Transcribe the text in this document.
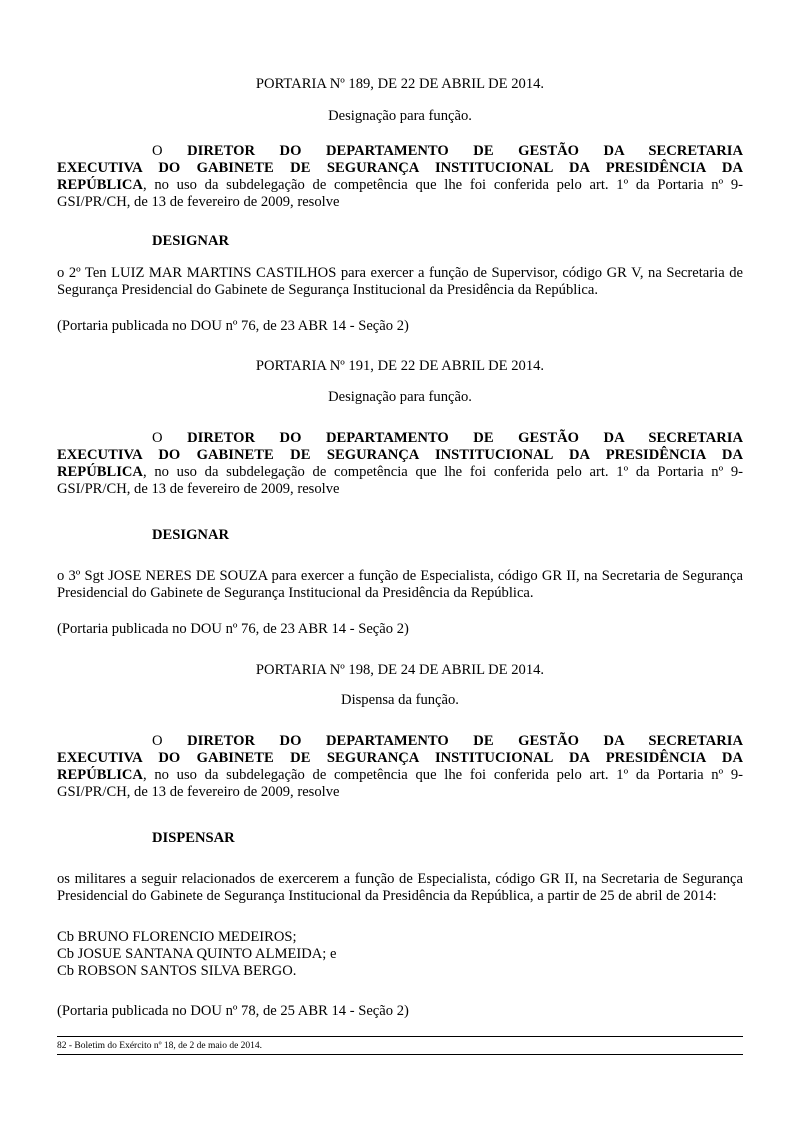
PORTARIA Nº 189, DE 22 DE ABRIL DE 2014.
Designação para função.
O DIRETOR DO DEPARTAMENTO DE GESTÃO DA SECRETARIA
EXECUTIVA DO GABINETE DE SEGURANÇA INSTITUCIONAL DA PRESIDÊNCIA DA
REPÚBLICA, no uso da subdelegação de competência que lhe foi conferida pelo art. 1º da Portaria nº 9-GSI/PR/CH, de 13 de fevereiro de 2009, resolve
DESIGNAR
o 2º Ten LUIZ MAR MARTINS CASTILHOS para exercer a função de Supervisor, código GR V, na Secretaria de Segurança Presidencial do Gabinete de Segurança Institucional da Presidência da República.
(Portaria publicada no DOU nº 76, de 23 ABR 14 - Seção 2)
PORTARIA Nº 191, DE 22 DE ABRIL DE 2014.
Designação para função.
O DIRETOR DO DEPARTAMENTO DE GESTÃO DA SECRETARIA
EXECUTIVA DO GABINETE DE SEGURANÇA INSTITUCIONAL DA PRESIDÊNCIA DA
REPÚBLICA, no uso da subdelegação de competência que lhe foi conferida pelo art. 1º da Portaria nº 9-GSI/PR/CH, de 13 de fevereiro de 2009, resolve
DESIGNAR
o 3º Sgt JOSE NERES DE SOUZA para exercer a função de Especialista, código GR II, na Secretaria de Segurança Presidencial do Gabinete de Segurança Institucional da Presidência da República.
(Portaria publicada no DOU nº 76, de 23 ABR 14 - Seção 2)
PORTARIA Nº 198, DE 24 DE ABRIL DE 2014.
Dispensa da função.
O DIRETOR DO DEPARTAMENTO DE GESTÃO DA SECRETARIA
EXECUTIVA DO GABINETE DE SEGURANÇA INSTITUCIONAL DA PRESIDÊNCIA DA
REPÚBLICA, no uso da subdelegação de competência que lhe foi conferida pelo art. 1º da Portaria nº 9-GSI/PR/CH, de 13 de fevereiro de 2009, resolve
DISPENSAR
os militares a seguir relacionados de exercerem a função de Especialista, código GR II, na Secretaria de Segurança Presidencial do Gabinete de Segurança Institucional da Presidência da República, a partir de 25 de abril de 2014:
Cb BRUNO FLORENCIO MEDEIROS;
Cb JOSUE SANTANA QUINTO ALMEIDA; e
Cb ROBSON SANTOS SILVA BERGO.
(Portaria publicada no DOU nº 78, de 25 ABR 14 - Seção 2)
82 - Boletim do Exército nº 18, de 2 de maio de 2014.
